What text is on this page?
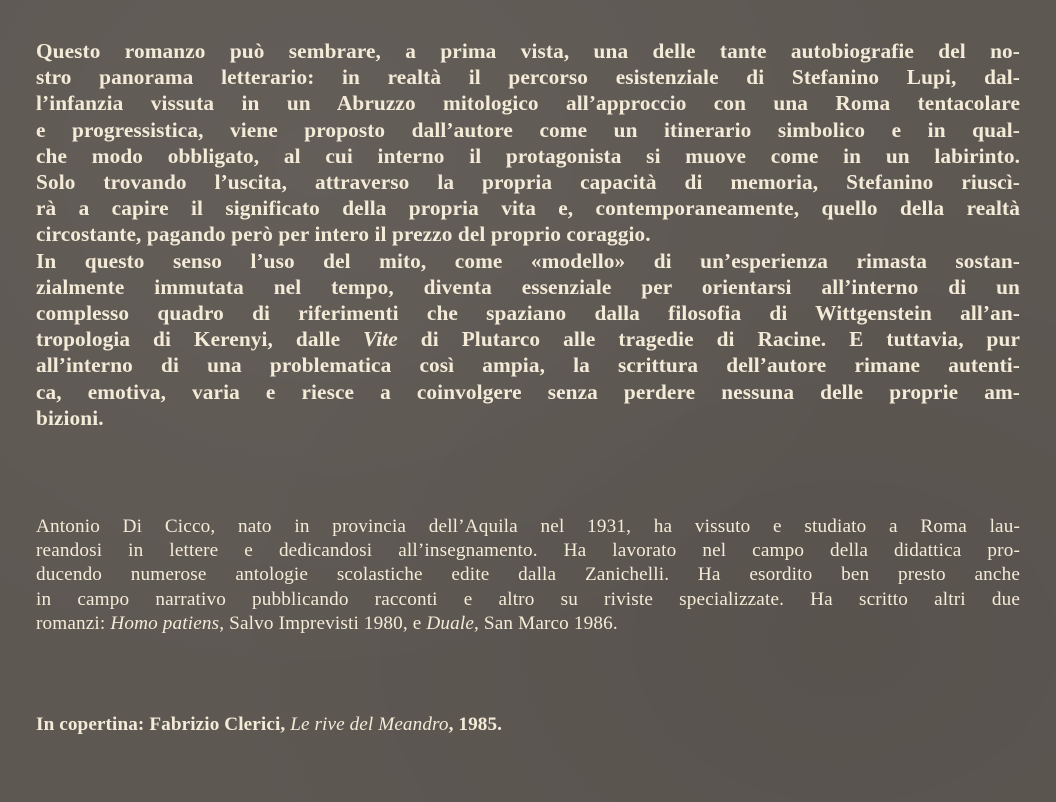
Questo romanzo può sembrare, a prima vista, una delle tante autobiografie del no-
stro panorama letterario: in realtà il percorso esistenziale di Stefanino Lupi, dal-
l’infanzia vissuta in un Abruzzo mitologico all’approccio con una Roma tentacolare
e progressistica, viene proposto dall’autore come un itinerario simbolico e in qual-
che modo obbligato, al cui interno il protagonista si muove come in un labirinto.
Solo trovando l’uscita, attraverso la propria capacità di memoria, Stefanino riuscì-
rà a capire il significato della propria vita e, contemporaneamente, quello della realtà
circostante, pagando però per intero il prezzo del proprio coraggio.
In questo senso l’uso del mito, come «modello» di un’esperienza rimasta sostan-
zialmente immutata nel tempo, diventa essenziale per orientarsi all’interno di un
complesso quadro di riferimenti che spaziano dalla filosofia di Wittgenstein all’an-
tropologia di Kerenyi, dalle Vite di Plutarco alle tragedie di Racine. E tuttavia, pur
all’interno di una problematica così ampia, la scrittura dell’autore rimane autenti-
ca, emotiva, varia e riesce a coinvolgere senza perdere nessuna delle proprie am-
bizioni.

Antonio Di Cicco, nato in provincia dell’Aquila nel 1931, ha vissuto e studiato a Roma lau-
reandosi in lettere e dedicandosi all’insegnamento. Ha lavorato nel campo della didattica pro-
ducendo numerose antologie scolastiche edite dalla Zanichelli. Ha esordito ben presto anche
in campo narrativo pubblicando racconti e altro su riviste specializzate. Ha scritto altri due
romanzi: Homo patiens, Salvo Imprevisti 1980, e Duale, San Marco 1986.
In copertina: Fabrizio Clerici, Le rive del Meandro, 1985.
